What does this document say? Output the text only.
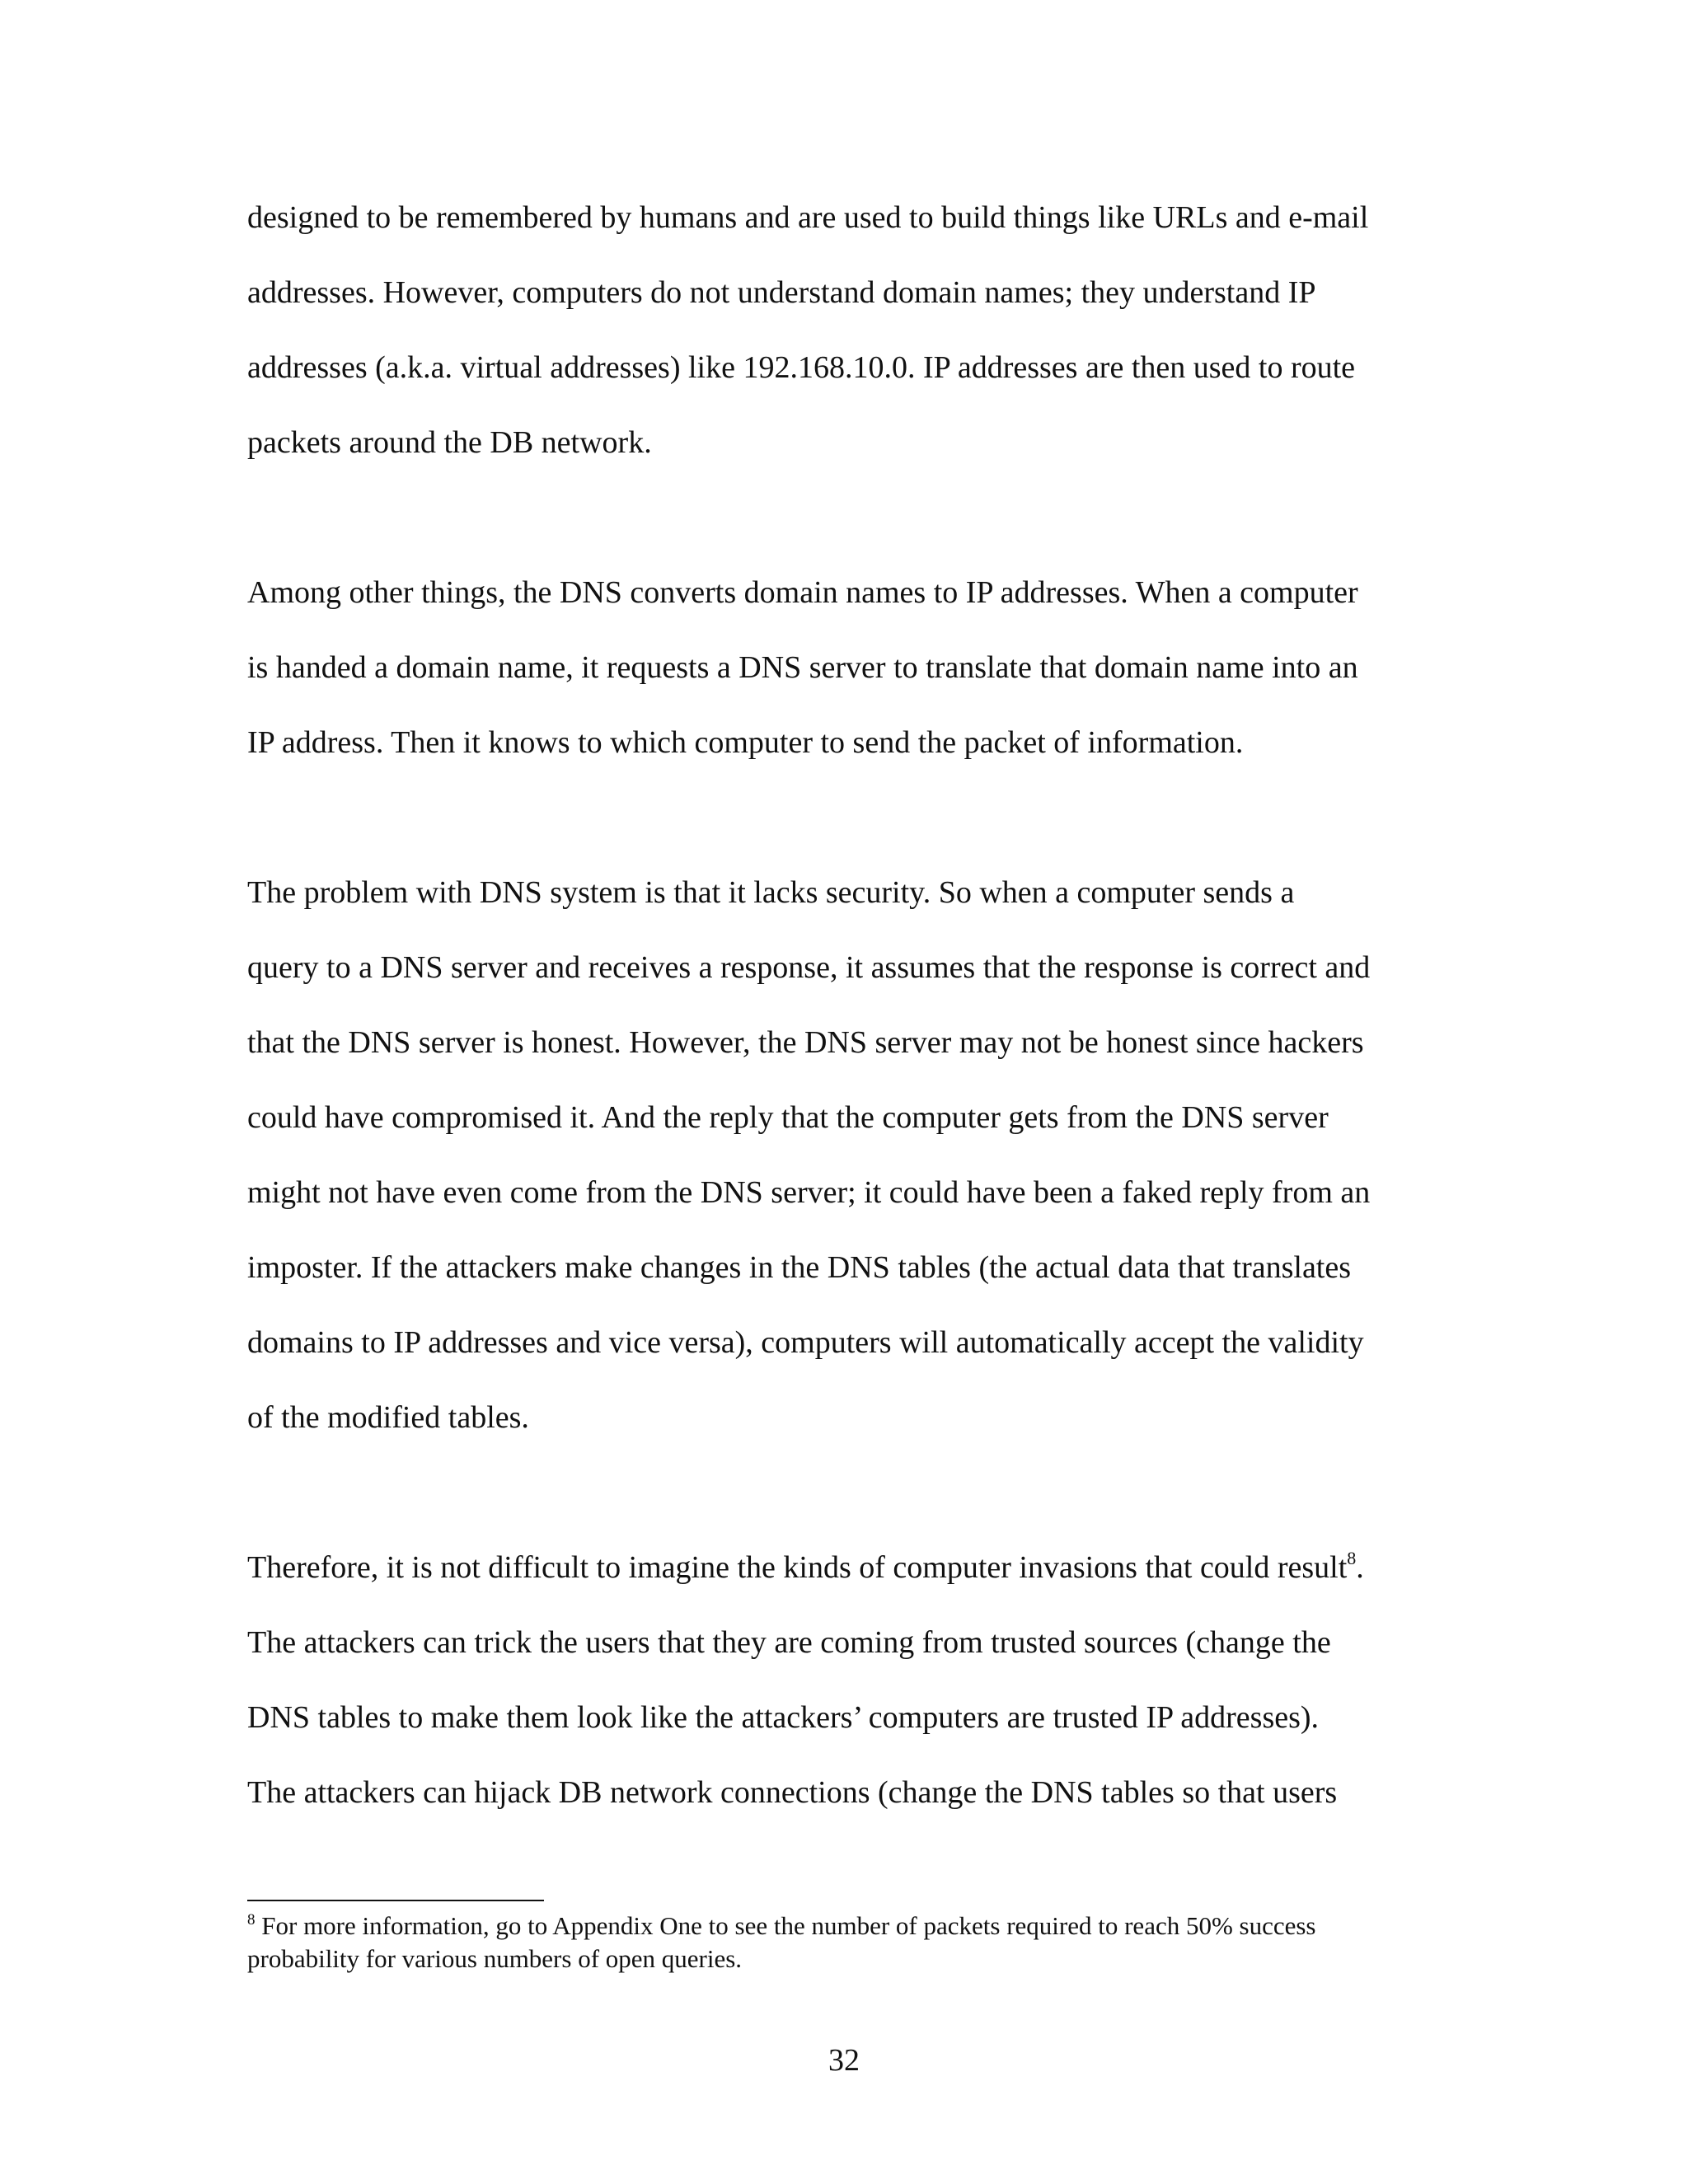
designed to be remembered by humans and are used to build things like URLs and e-mail

addresses. However, computers do not understand domain names; they understand IP

addresses (a.k.a. virtual addresses) like 192.168.10.0. IP addresses are then used to route

packets around the DB network.

Among other things, the DNS converts domain names to IP addresses. When a computer

is handed a domain name, it requests a DNS server to translate that domain name into an

IP address. Then it knows to which computer to send the packet of information.

The problem with DNS system is that it lacks security. So when a computer sends a

query to a DNS server and receives a response, it assumes that the response is correct and

that the DNS server is honest. However, the DNS server may not be honest since hackers

could have compromised it. And the reply that the computer gets from the DNS server

might not have even come from the DNS server; it could have been a faked reply from an

imposter. If the attackers make changes in the DNS tables (the actual data that translates

domains to IP addresses and vice versa), computers will automatically accept the validity

of the modified tables.

Therefore, it is not difficult to imagine the kinds of computer invasions that could result$^8$.

The attackers can trick the users that they are coming from trusted sources (change the

DNS tables to make them look like the attackers’ computers are trusted IP addresses).

The attackers can hijack DB network connections (change the DNS tables so that users

$^8$ For more information, go to Appendix One to see the number of packets required to reach 50% success

probability for various numbers of open queries.

32
